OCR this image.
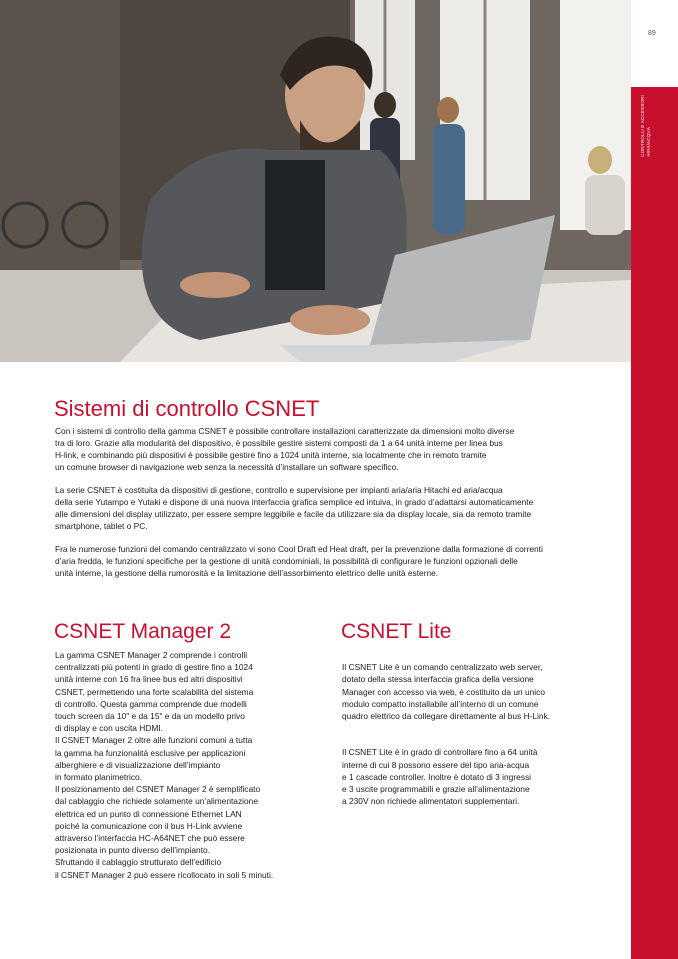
89
CONTROLLI E ACCESSORI ARIA/ACQUA
Sistemi di controllo CSNET

Con i sistemi di controllo della gamma CSNET è possibile controllare installazioni caratterizzate da dimensioni molto diverse
tra di loro. Grazie alla modularità del dispositivo, è possibile gestire sistemi composti da 1 a 64 unità interne per linea bus
H-link, e combinando più dispositivi è possibile gestire fino a 1024 unità interne, sia localmente che in remoto tramite
un comune browser di navigazione web senza la necessità d’installare un software specifico.

La serie CSNET è costituita da dispositivi di gestione, controllo e supervisione per impianti aria/aria Hitachi ed aria/acqua
della serie Yutampo e Yutaki e dispone di una nuova interfaccia grafica semplice ed intuiva, in grado d’adattarsi automaticamente
alle dimensioni del display utilizzato, per essere sempre leggibile e facile da utilizzare sia da display locale, sia da remoto tramite
smartphone, tablet o PC.

Fra le numerose funzioni del comando centralizzato vi sono Cool Draft ed Heat draft, per la prevenzione dalla formazione di correnti
d’aria fredda, le funzioni specifiche per la gestione di unità condominiali, la possibilità di configurare le funzioni opzionali delle
unità interne, la gestione della rumorosità e la limitazione dell’assorbimento elettrico delle unità esterne.

CSNET Manager 2
La gamma CSNET Manager 2 comprende i controlli
centralizzati più potenti in grado di gestire fino a 1024
unità interne con 16 fra linee bus ed altri dispositivi
CSNET, permettendo una forte scalabilità del sistema
di controllo. Questa gamma comprende due modelli
touch screen da 10" e da 15" e da un modello privo
di display e con uscita HDMI.
Il CSNET Manager 2 oltre alle funzioni comuni a tutta
la gamma ha funzionalità esclusive per applicazioni
alberghiere e di visualizzazione dell’impianto
in formato planimetrico.
Il posizionamento del CSNET Manager 2 è semplificato
dal cablaggio che richiede solamente un’alimentazione
elettrica ed un punto di connessione Ethernet LAN
poiché la comunicazione con il bus H-Link avviene
attraverso l’interfaccia HC-A64NET che può essere
posizionata in punto diverso dell’impianto.
Sfruttando il cablaggio strutturato dell’edificio
il CSNET Manager 2 può essere ricollocato in soli 5 minuti.
CSNET Lite

Il CSNET Lite è un comando centralizzato web server,
dotato della stessa interfaccia grafica della versione
Manager con accesso via web, è costituito da un unico
modulo compatto installabile all’interno di un comune
quadro elettrico da collegare direttamente al bus H-Link.

Il CSNET Lite è in grado di controllare fino a 64 unità
interne di cui 8 possono essere del tipo aria-acqua
e 1 cascade controller. Inoltre è dotato di 3 ingressi
e 3 uscite programmabili e grazie all’alimentazione
a 230V non richiede alimentatori supplementari.
